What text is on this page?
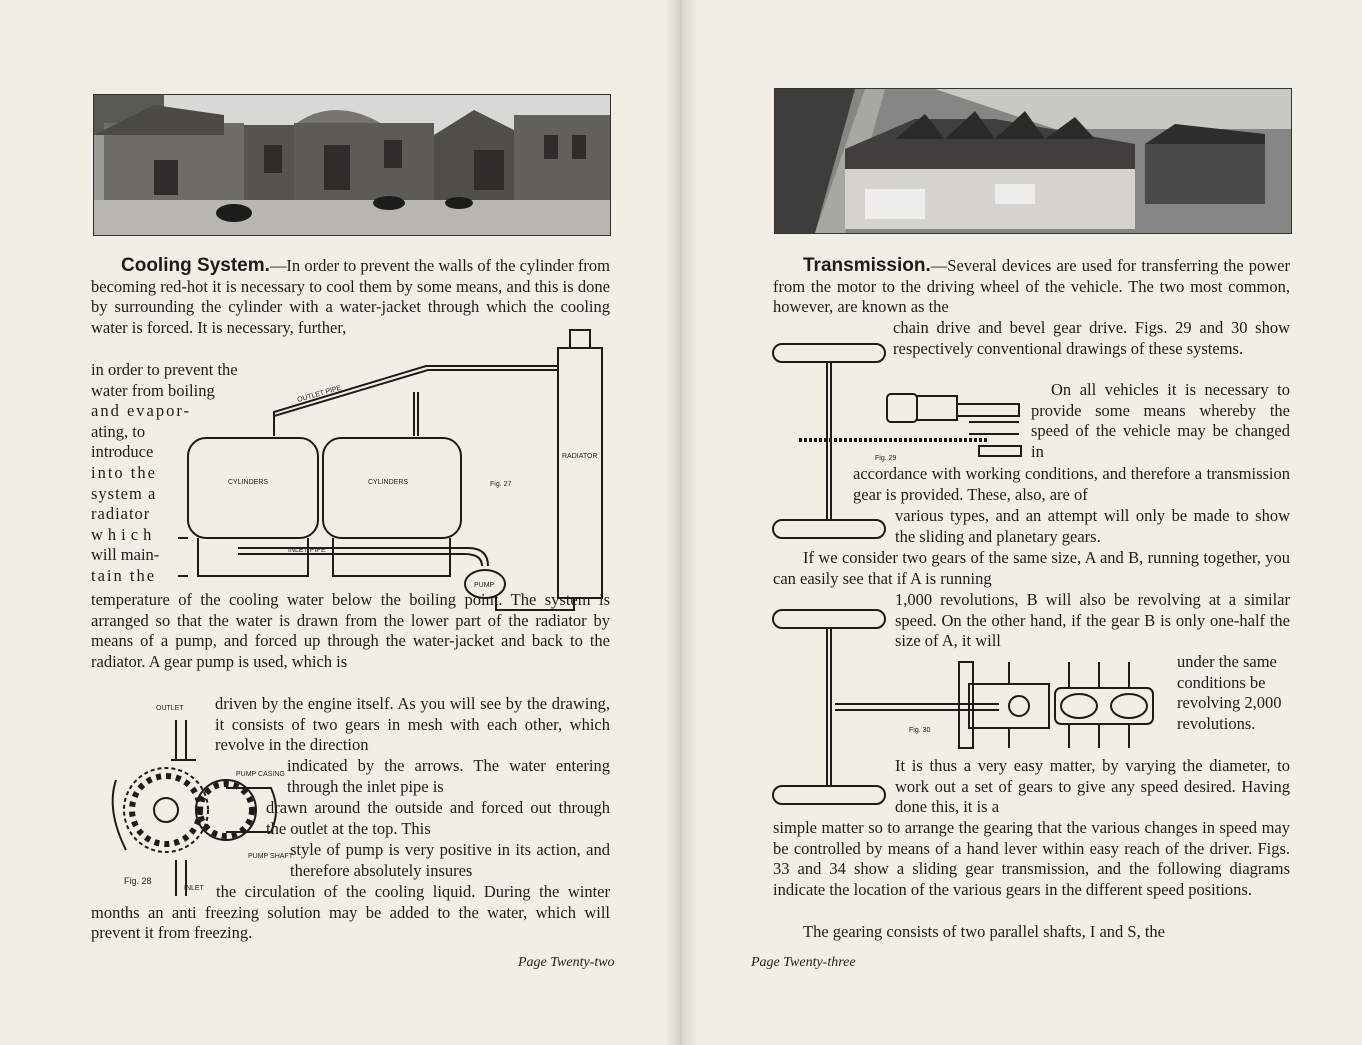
Cooling System.—In order to prevent the walls of the cylinder from becoming red-hot it is necessary to cool them by some means, and this is done by surrounding the cylinder with a water-jacket through which the cooling water is forced. It is necessary, further,

in order to prevent the

water from boiling

and evapor-

ating, to

introduce

into the

system a

radiator

which

will main-

tain the

temperature of the cooling water below the boiling point. The system is arranged so that the water is drawn from the lower part of the radiator by means of a pump, and forced up through the water-jacket and back to the radiator. A gear pump is used, which is

driven by the engine itself. As you will see by the drawing, it consists of two gears in mesh with each other, which revolve in the direction

indicated by the arrows. The water entering through the inlet pipe is

drawn around the outside and forced out through the outlet at the top. This

style of pump is very positive in its action, and therefore absolutely insures

the circulation of the cooling liquid. During the winter months an anti freezing solution may be added to the water, which will prevent it from freezing.

CYLINDERS	CYLINDERS
RADIATOR
PUMP
OUTLET PIPE
INLET PIPE
Fig. 27
OUTLET
INLET
PUMP CASING
PUMP SHAFT
Fig. 28
Page Twenty-two

Transmission.—Several devices are used for transferring the power from the motor to the driving wheel of the vehicle. The two most common, however, are known as the

chain drive and bevel gear drive. Figs. 29 and 30 show respectively conventional drawings of these systems.

On all vehicles it is necessary to provide some means whereby the speed of the vehicle may be changed in

accordance with working conditions, and therefore a transmission gear is provided. These, also, are of

various types, and an attempt will only be made to show the sliding and planetary gears.

If we consider two gears of the same size, A and B, running together, you can easily see that if A is running

1,000 revolutions, B will also be revolving at a similar speed. On the other hand, if the gear B is only one-half the size of A, it will

under the same conditions be revolving 2,000 revolutions.

It is thus a very easy matter, by varying the diameter, to work out a set of gears to give any speed desired. Having done this, it is a

simple matter so to arrange the gearing that the various changes in speed may be controlled by means of a hand lever within easy reach of the driver. Figs. 33 and 34 show a sliding gear transmission, and the following diagrams indicate the location of the various gears in the different speed positions.

The gearing consists of two parallel shafts, I and S, the

Fig. 29
Fig. 30
Page Twenty-three
